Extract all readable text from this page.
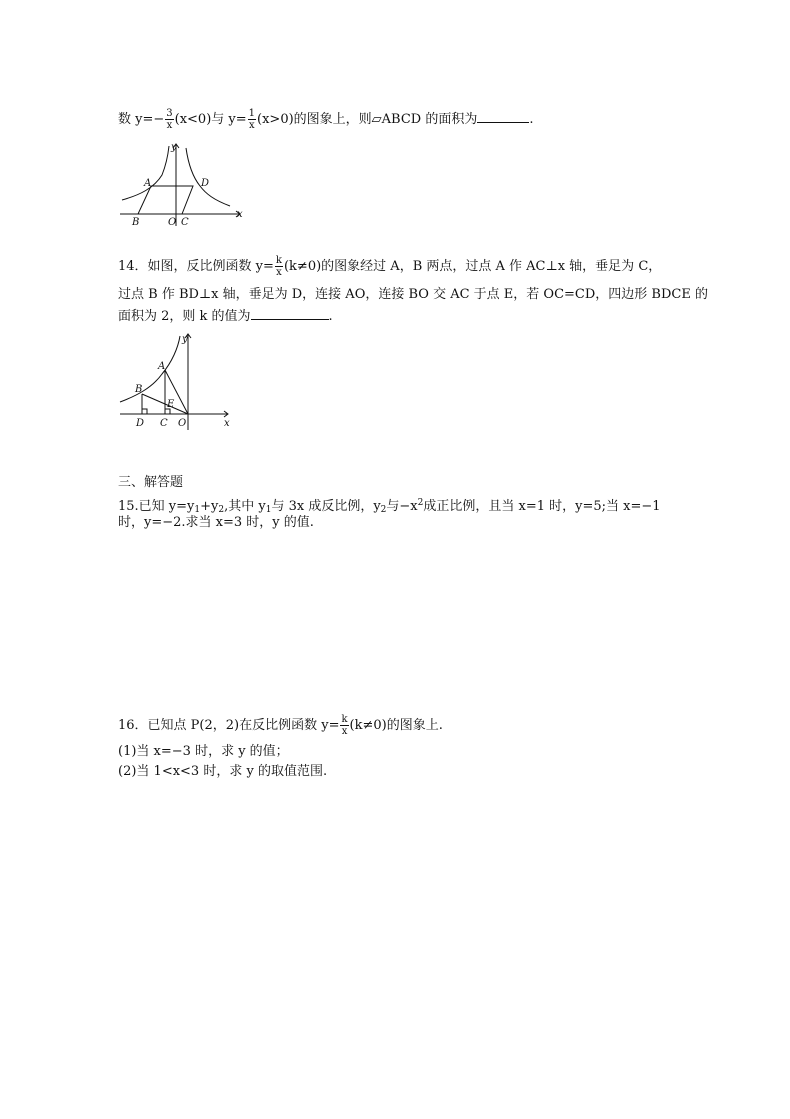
数 $y=- \frac{3}{x} (x<0)$与 $y= \frac{1}{x} (x>0)$的图象上，则▱ABCD 的面积为	.
y
x
A	D
B	O C
14．如图，反比例函数 $y= \frac{k}{x} (k\ne 0)$的图象经过 A，B 两点，过点 A 作 AC⊥x 轴，垂足为 C，
过点 B 作 BD⊥x 轴，垂足为 D，连接 AO，连接 BO 交 AC 于点 E，若 OC=CD，四边形 BDCE 的
面积为 2，则 k 的值为	.
y
x
A
B
E
D C O
三、解答题
15.已知 $y=y_1+y_2$,其中 $y_1$与 3x 成反比例，$y_2$与$-x^2$成正比例，且当 x=1 时，y=5;当 x=−1
时，y=−2.求当 x=3 时，y 的值.
16．已知点 P(2，2)在反比例函数 $y= \frac{k}{x} (k\ne 0)$的图象上.
(1)当 x=−3 时，求 y 的值；
(2)当 1<x<3 时，求 y 的取值范围.
